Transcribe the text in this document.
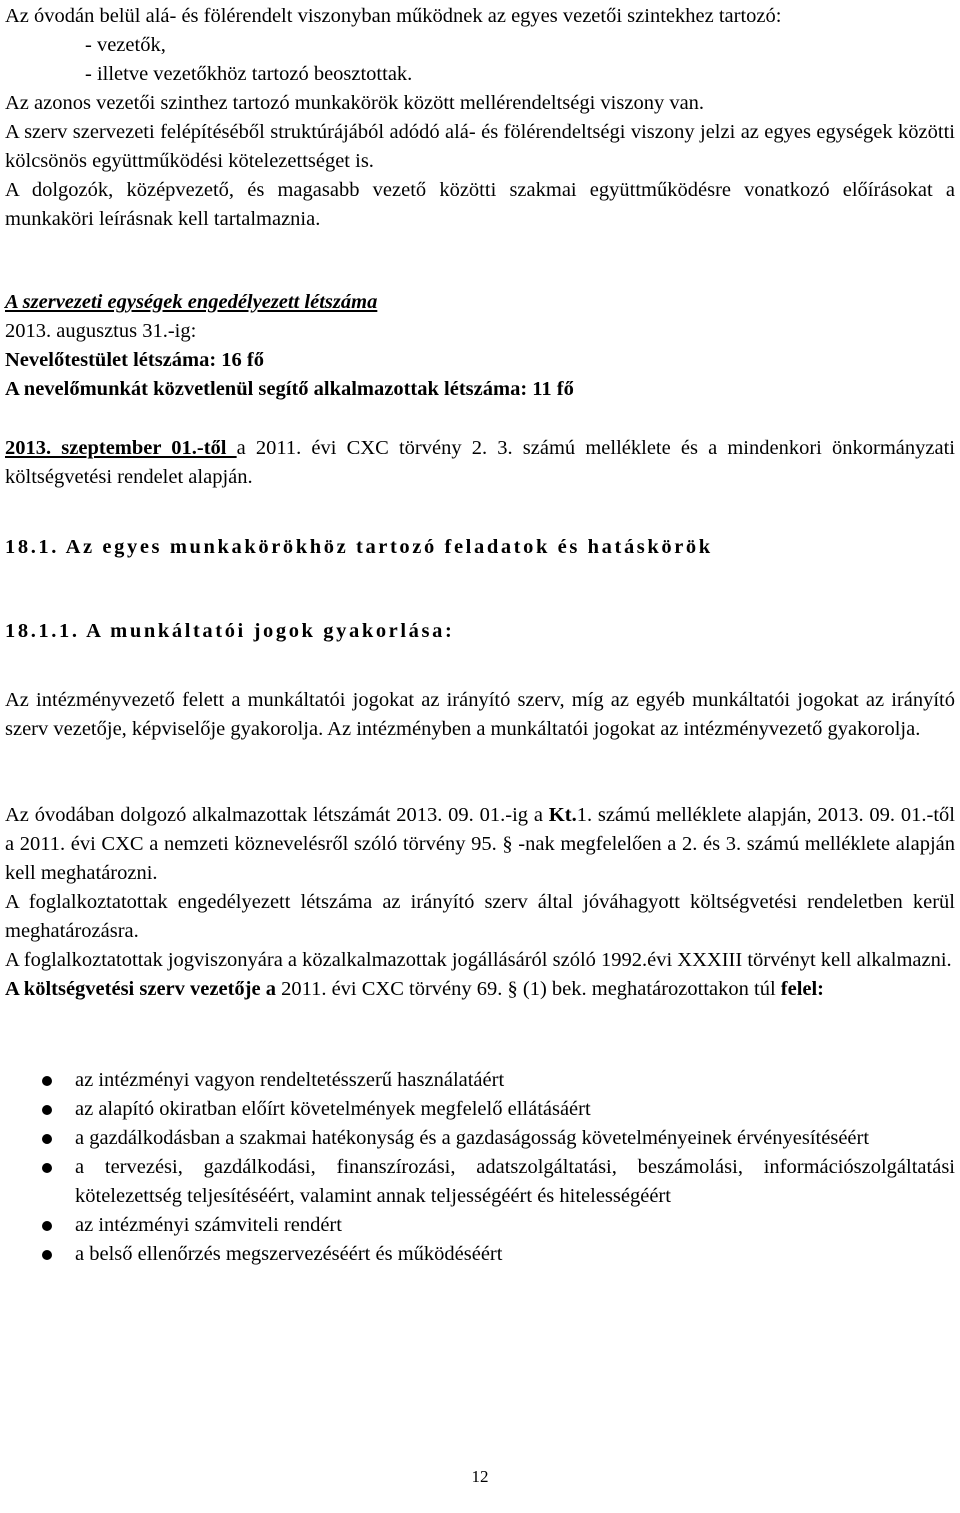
Az óvodán belül alá- és fölérendelt viszonyban működnek az egyes vezetői szintekhez tartozó:

- vezetők,
- illetve vezetőkhöz tartozó beosztottak.
Az azonos vezetői szinthez tartozó munkakörök között mellérendeltségi viszony van.
A szerv szervezeti felépítéséből struktúrájából adódó alá- és fölérendeltségi viszony jelzi az egyes egységek közötti kölcsönös együttműködési kötelezettséget is.
A dolgozók, középvezető, és magasabb vezető közötti szakmai együttműködésre vonatkozó előírásokat a munkaköri leírásnak kell tartalmaznia.

A szervezeti egységek engedélyezett létszáma
2013. augusztus 31.-ig:
Nevelőtestület létszáma: 16 fő
A nevelőmunkát közvetlenül segítő alkalmazottak létszáma: 11 fő

2013. szeptember 01.-től a 2011. évi CXC törvény 2. 3. számú melléklete és a mindenkori önkormányzati költségvetési rendelet alapján.

18.1. Az egyes munkakörökhöz tartozó feladatok és hatáskörök

18.1.1. A munkáltatói jogok gyakorlása:

Az intézményvezető felett a munkáltatói jogokat az irányító szerv, míg az egyéb munkáltatói jogokat az irányító szerv vezetője, képviselője gyakorolja. Az intézményben a munkáltatói jogokat az intézményvezető gyakorolja.

Az óvodában dolgozó alkalmazottak létszámát 2013. 09. 01.-ig a Kt.1. számú melléklete alapján, 2013. 09. 01.-től a 2011. évi CXC a nemzeti köznevelésről szóló törvény 95. § -nak megfelelően a 2. és 3. számú melléklete alapján kell meghatározni.
A foglalkoztatottak engedélyezett létszáma az irányító szerv által jóváhagyott költségvetési rendeletben kerül meghatározásra.
A foglalkoztatottak jogviszonyára a közalkalmazottak jogállásáról szóló 1992.évi XXXIII törvényt kell alkalmazni.
A költségvetési szerv vezetője a 2011. évi CXC törvény 69. § (1) bek. meghatározottakon túl felel:

az intézményi vagyon rendeltetésszerű használatáért
az alapító okiratban előírt követelmények megfelelő ellátásáért
a gazdálkodásban a szakmai hatékonyság és a gazdaságosság követelményeinek érvényesítéséért
a tervezési, gazdálkodási, finanszírozási, adatszolgáltatási, beszámolási, információszolgáltatási kötelezettség teljesítéséért, valamint annak teljességéért és hitelességéért
az intézményi számviteli rendért
a belső ellenőrzés megszervezéséért és működéséért
12
